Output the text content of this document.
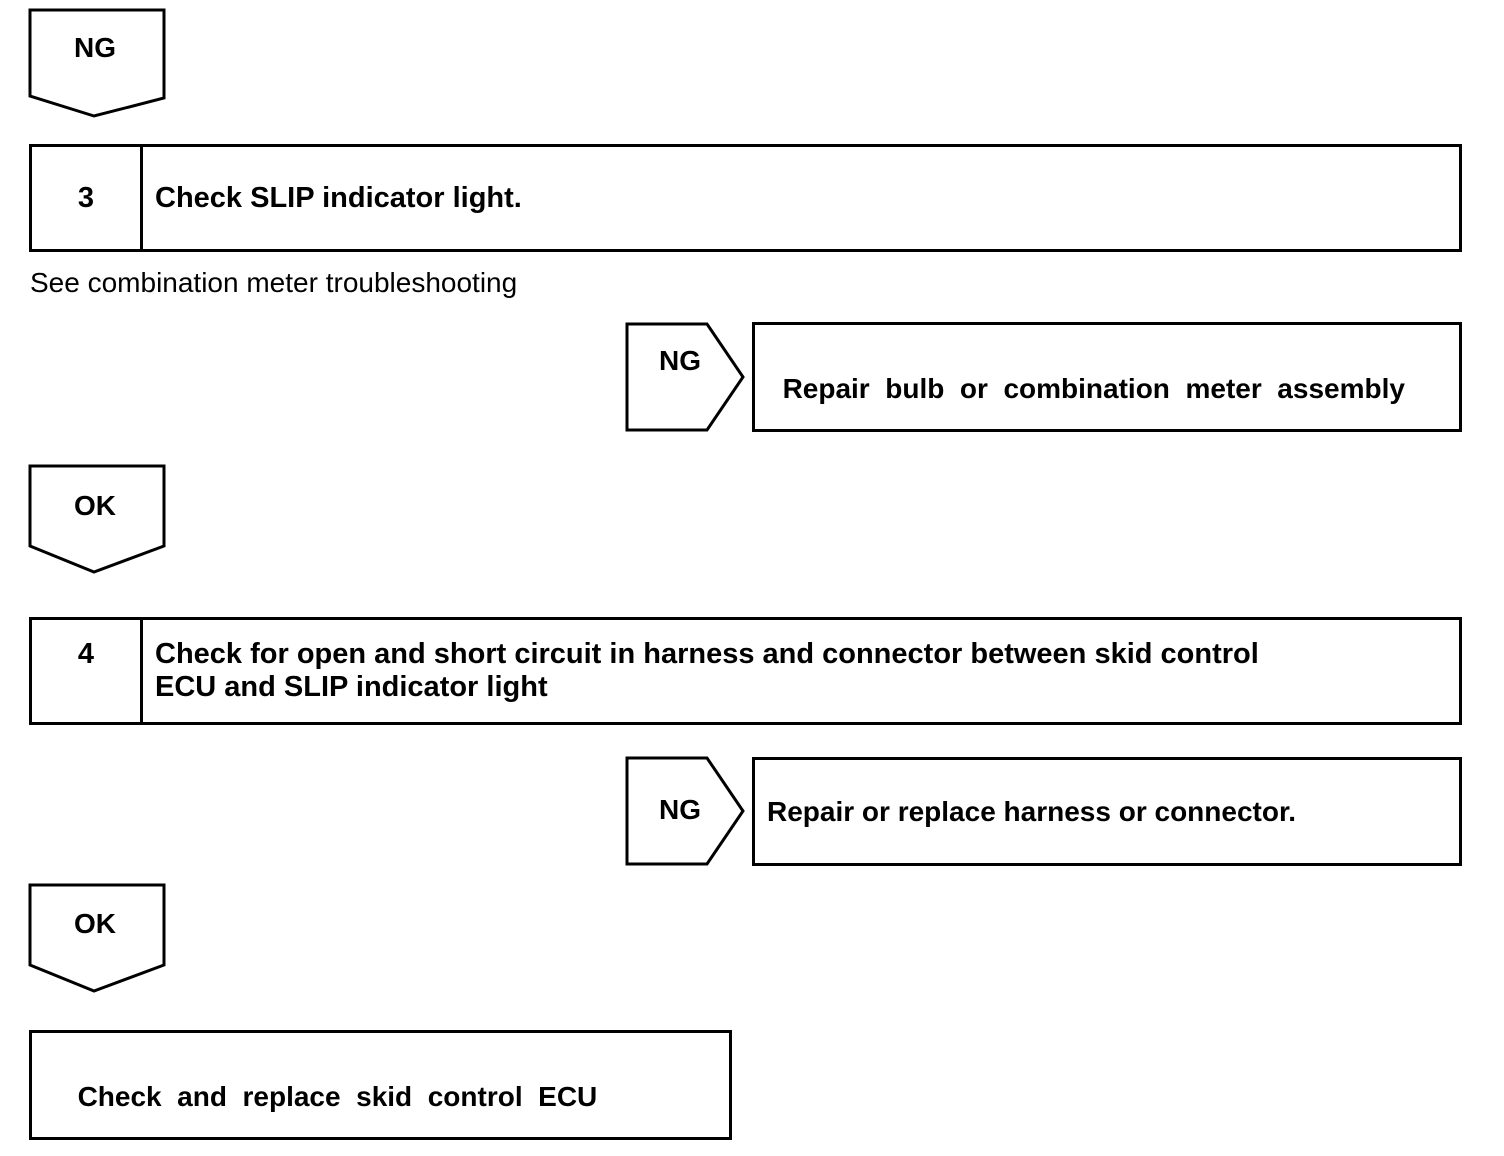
NG
3	Check SLIP indicator light.
See combination meter troubleshooting
NG

Repair  bulb  or  combination  meter  assembly

OK
4 Check for open and short circuit in harness and connector between skid control
ECU and SLIP indicator light
NG	Repair or replace harness or connector.
OK

Check  and  replace  skid  control  ECU
